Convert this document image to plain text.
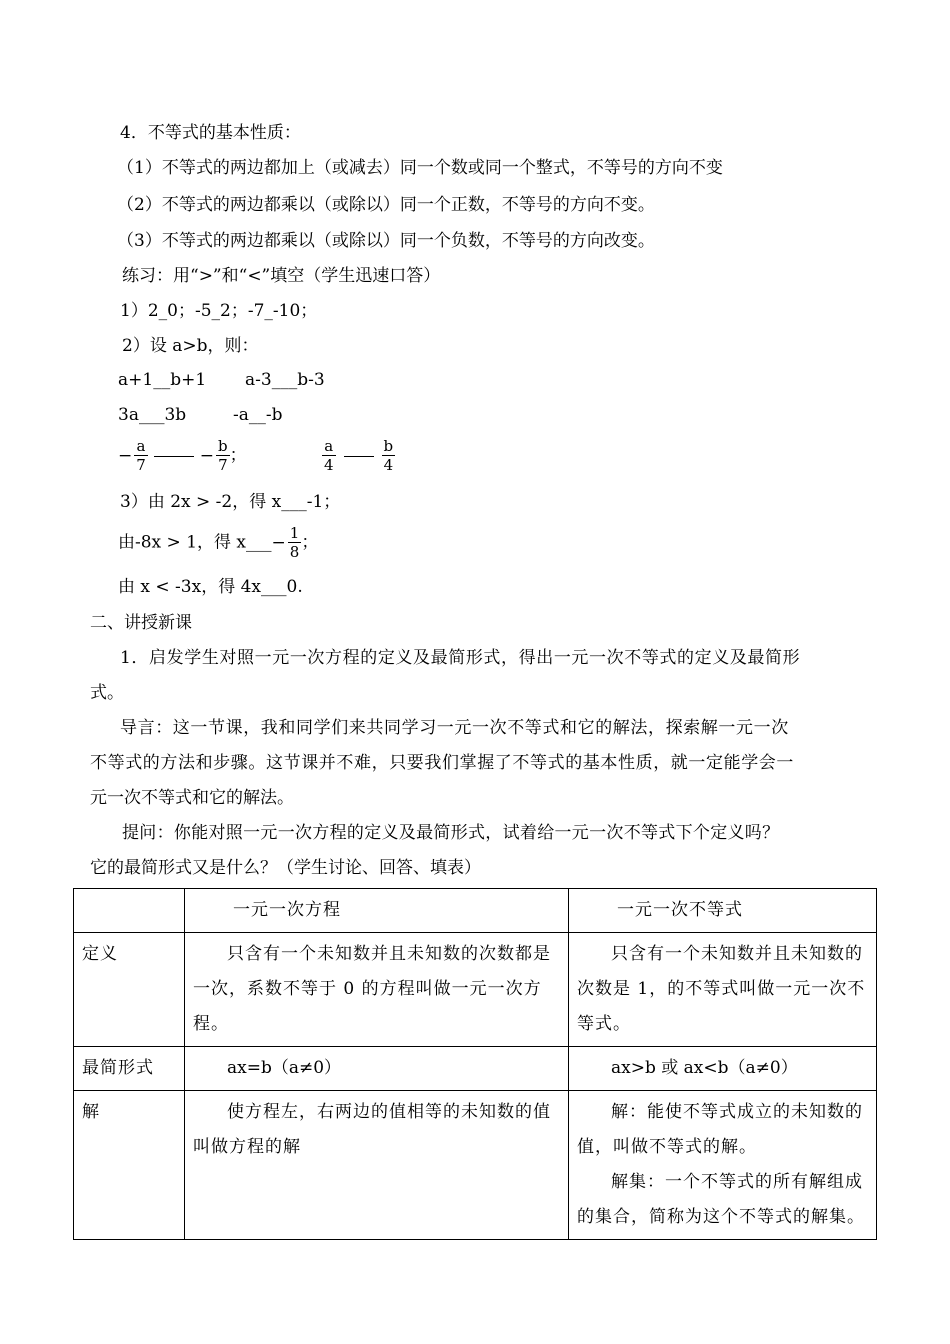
4．不等式的基本性质：
（1）不等式的两边都加上（或减去）同一个数或同一个整式，不等号的方向不变
（2）不等式的两边都乘以（或除以）同一个正数，不等号的方向不变。
（3）不等式的两边都乘以（或除以）同一个负数，不等号的方向改变。
练习：用“>”和“<”填空（学生迅速口答）
1）2_0；-5_2；-7_-10；
2）设 a>b，则：
a+1__b+1 a-3___b-3
3a___3b	-a__-b
− $\frac{a}{7}$	− $\frac{b}{7}$ ；	$\frac{a}{4}$	$\frac{b}{4}$
3）由 2x > -2，得 x___-1；
由-8x > 1，得 x___− $\frac{1}{8}$ ；
由 x < -3x，得 4x___0.
二、讲授新课
1．启发学生对照一元一次方程的定义及最简形式，得出一元一次不等式的定义及最简形
式。
导言：这一节课，我和同学们来共同学习一元一次不等式和它的解法，探索解一元一次
不等式的方法和步骤。这节课并不难，只要我们掌握了不等式的基本性质，就一定能学会一
元一次不等式和它的解法。
提问：你能对照一元一次方程的定义及最简形式，试着给一元一次不等式下个定义吗？
它的最简形式又是什么？（学生讨论、回答、填表）
	一元一次方程	一元一次不等式
定义	只含有一个未知数并且未知数的次数都是一次，系数不等于 0 的方程叫做一元一次方程。	只含有一个未知数并且未知数的次数是 1，的不等式叫做一元一次不等式。
最简形式	ax=b（a≠0）	ax>b 或 ax<b（a≠0）
解	使方程左，右两边的值相等的未知数的值叫做方程的解	解：能使不等式成立的未知数的值，叫做不等式的解。
解集：一个不等式的所有解组成的集合，简称为这个不等式的解集。
